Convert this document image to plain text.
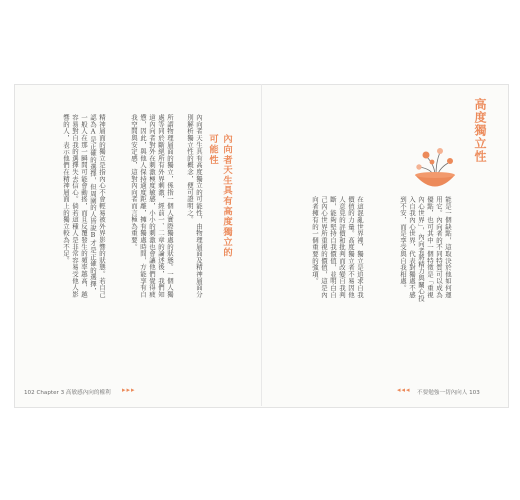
高度獨立性
能是一個缺點，這取決於他如何運用它。內向者的不同特質可以成為優點，也可其中一個特徵是「重視內心世界」，內向者將精力與關心投入自我內心世界，代表對獨處不感到不安，而是享受與自我相處。
在這混亂世界裡，獨立是追求自我價值的力量。高度獨立者不易因他人意見的評價和批判而改變自我判斷，能夠堅持自我價值，並明白自己內心世界所重視的價值，這是內向者擁有的一個重要的強項。
內向者天生具有高度獨立的可能性
內向者天生具有高度獨立的可能性，由物理層面及精神層面分別解析獨立性的概念，便可證明之。
所謂物理層面的獨立，係指一個人實際獨處的狀態。一個人獨處等同於斷絕所有外界刺激，經前一、二章的論述後，我們知道內向者對外在刺激極度敏感，小小的刺激也會讓他們覺得疲憊，因此，與他人保持適度距離，擁有獨處時間，方能享有自我空間與安定感，這對內向者而言極為重要。
精神層面的獨立是指內心不會輕易被外界影響的狀態。若自己認為A是正確的選擇，但周圍的人皆說B才是正確的選擇，一般人在那一瞬間可能會動搖，而且反覆發生的頻率越高，越容易對自我的選擇失去信心。倘若這種人是非常容易受他人影響的人，表示他們在精神層面上的獨立較為不足。
102 Chapter 3 高敏感內向的權利 ▸▸▸	◂◂◂ 不要勉強一切內向人 103
